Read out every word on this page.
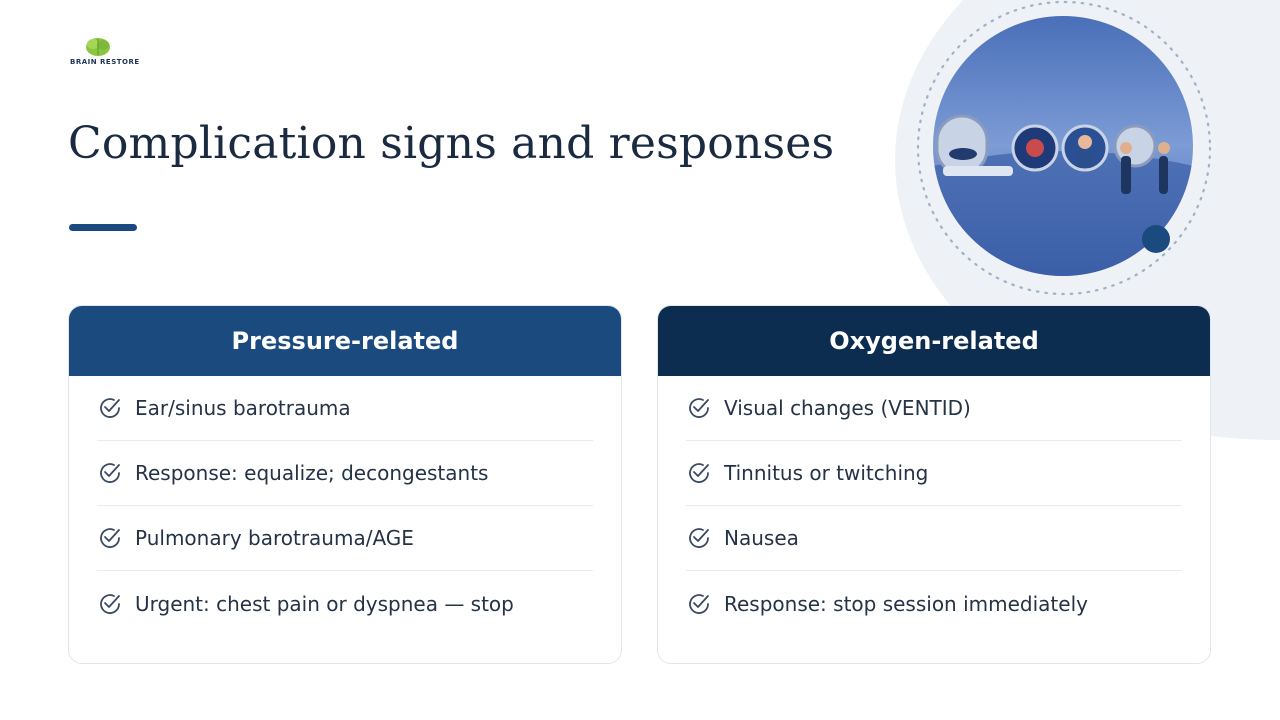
BRAIN RESTORE
Complication signs and responses
Pressure-related
Ear/sinus barotrauma
Response: equalize; decongestants
Pulmonary barotrauma/AGE
Urgent: chest pain or dyspnea — stop
Oxygen-related
Visual changes (VENTID)
Tinnitus or twitching
Nausea
Response: stop session immediately
